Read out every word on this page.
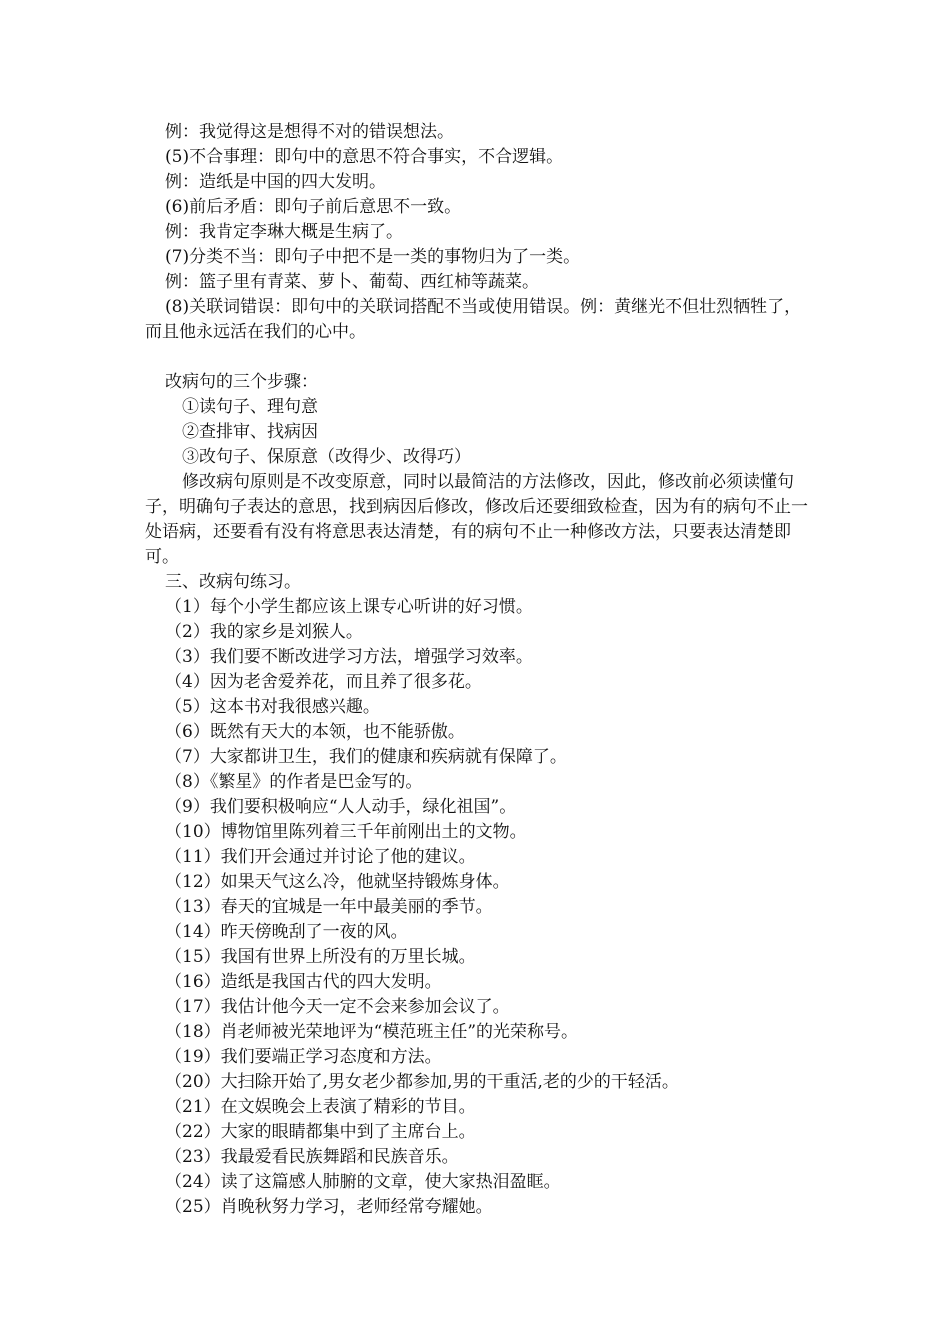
例：我觉得这是想得不对的错误想法。
(5)不合事理：即句中的意思不符合事实，不合逻辑。
例：造纸是中国的四大发明。
(6)前后矛盾：即句子前后意思不一致。
例：我肯定李琳大概是生病了。
(7)分类不当：即句子中把不是一类的事物归为了一类。
例：篮子里有青菜、萝卜、葡萄、西红柿等蔬菜。
(8)关联词错误：即句中的关联词搭配不当或使用错误。例：黄继光不但壮烈牺牲了，而且他永远活在我们的心中。
改病句的三个步骤：
①读句子、理句意
②查排审、找病因
③改句子、保原意（改得少、改得巧）
修改病句原则是不改变原意，同时以最简洁的方法修改，因此，修改前必须读懂句子，明确句子表达的意思，找到病因后修改，修改后还要细致检查，因为有的病句不止一处语病，还要看有没有将意思表达清楚，有的病句不止一种修改方法，只要表达清楚即可。
三、改病句练习。
（1）每个小学生都应该上课专心听讲的好习惯。
（2）我的家乡是刘猴人。
（3）我们要不断改进学习方法，增强学习效率。
（4）因为老舍爱养花，而且养了很多花。
（5）这本书对我很感兴趣。
（6）既然有天大的本领，也不能骄傲。
（7）大家都讲卫生，我们的健康和疾病就有保障了。
（8）《繁星》的作者是巴金写的。
（9）我们要积极响应“人人动手，绿化祖国”。
（10）博物馆里陈列着三千年前刚出土的文物。
（11）我们开会通过并讨论了他的建议。
（12）如果天气这么冷，他就坚持锻炼身体。
（13）春天的宜城是一年中最美丽的季节。
（14）昨天傍晚刮了一夜的风。
（15）我国有世界上所没有的万里长城。
（16）造纸是我国古代的四大发明。
（17）我估计他今天一定不会来参加会议了。
（18）肖老师被光荣地评为“模范班主任”的光荣称号。
（19）我们要端正学习态度和方法。
（20）大扫除开始了,男女老少都参加,男的干重活,老的少的干轻活。
（21）在文娱晚会上表演了精彩的节目。
（22）大家的眼睛都集中到了主席台上。
（23）我最爱看民族舞蹈和民族音乐。
（24）读了这篇感人肺腑的文章，使大家热泪盈眶。
（25）肖晚秋努力学习，老师经常夸耀她。
